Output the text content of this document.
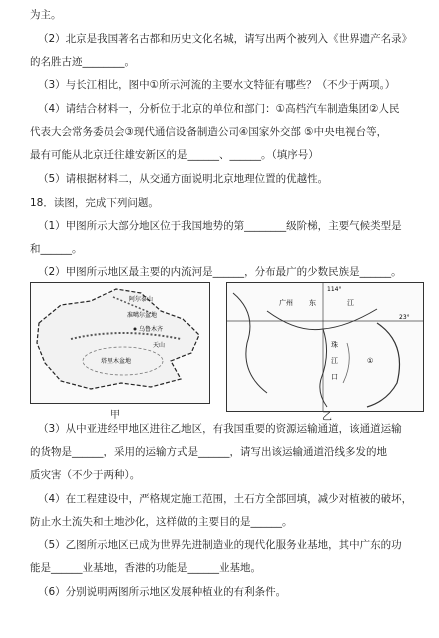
为主。
（2）北京是我国著名古都和历史文化名城，请写出两个被列入《世界遗产名录》
的名胜古迹________。
（3）与长江相比，图中①所示河流的主要水文特征有哪些？（不少于两项。）
（4）请结合材料一，分析位于北京的单位和部门：①高档汽车制造集团②人民
代表大会常务委员会③现代通信设备制造公司④国家外交部 ⑤中央电视台等，
最有可能从北京迁往雄安新区的是______、______。（填序号）
（5）请根据材料二，从交通方面说明北京地理位置的优越性。
18．读图，完成下列问题。
（1）甲图所示大部分地区位于我国地势的第________级阶梯，主要气候类型是
和______。
（2）甲图所示地区最主要的内流河是______，分布最广的少数民族是______。
阿尔泰山
准噶尔盆地
乌鲁木齐
天山
塔里木盆地
甲
114°
广州 东	江
23°
珠
江
口
①
乙
（3）从中亚进经甲地区进往乙地区，有我国重要的资源运输通道，该通道运输
的货物是______，采用的运输方式是______，请写出该运输通道沿线多发的地
质灾害（不少于两种）。
（4）在工程建设中，严格规定施工范围，土石方全部回填，减少对植被的破坏，
防止水土流失和土地沙化，这样做的主要目的是______。
（5）乙图所示地区已成为世界先进制造业的现代化服务业基地，其中广东的功
能是______业基地，香港的功能是______业基地。
（6）分别说明两图所示地区发展种植业的有利条件。
